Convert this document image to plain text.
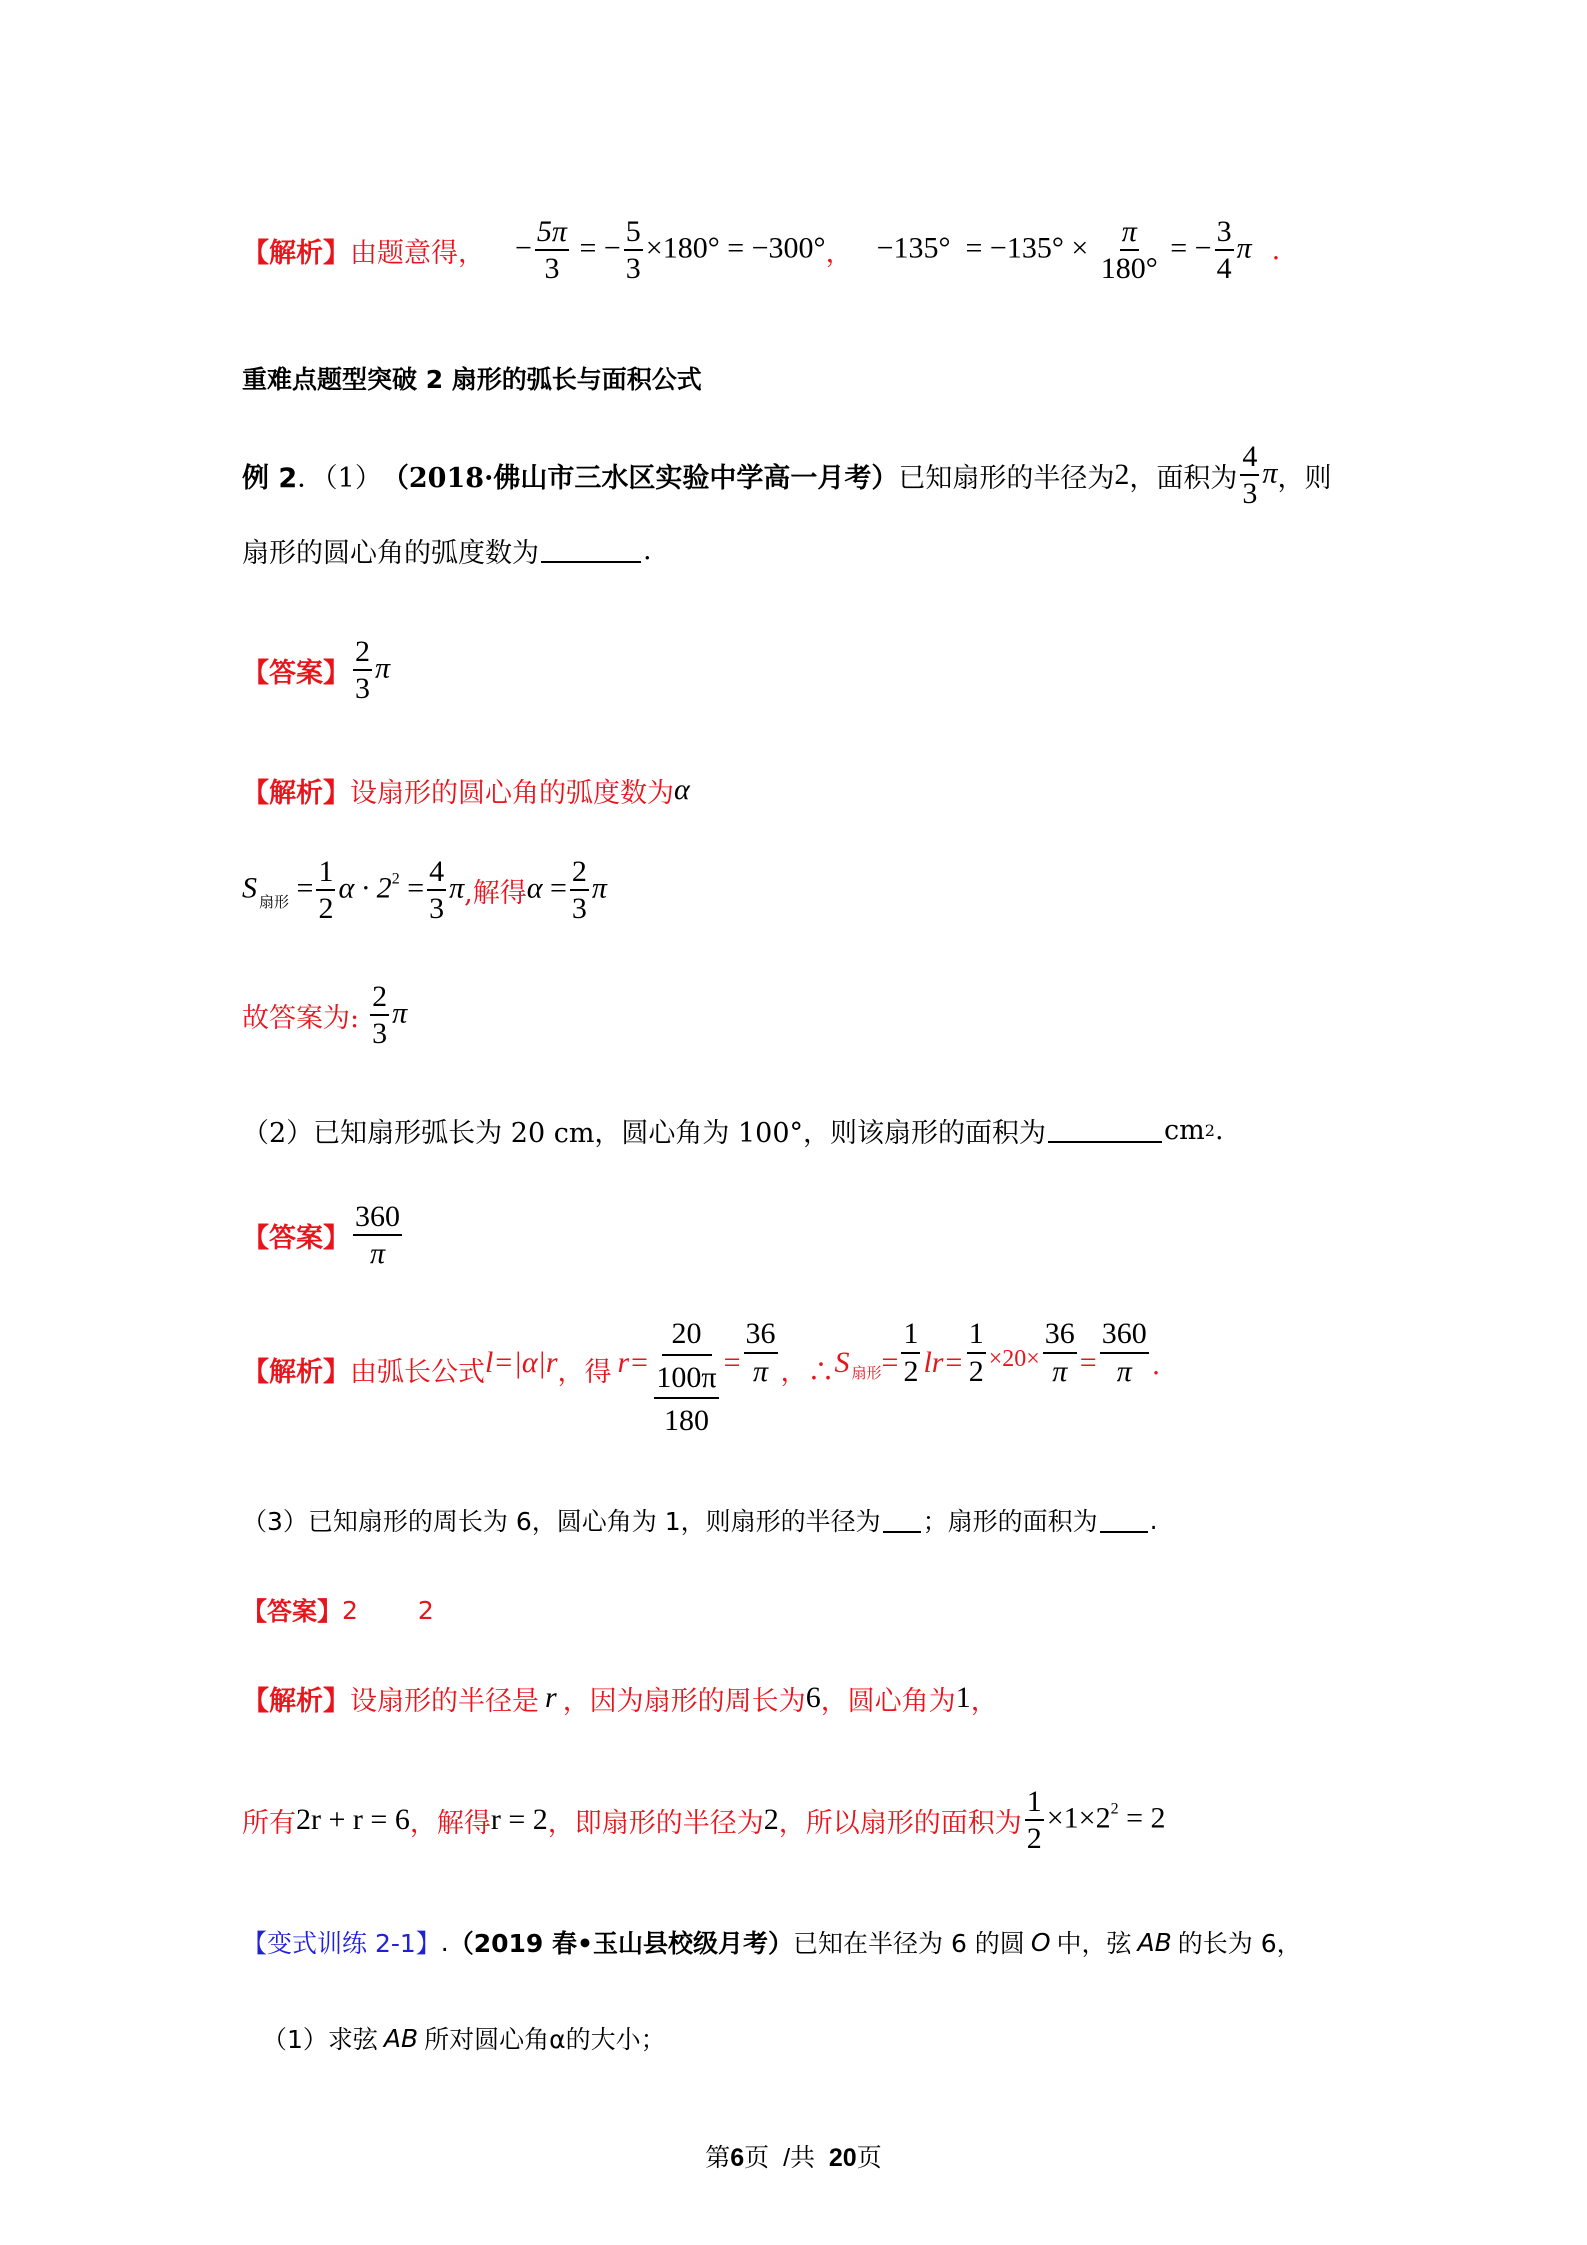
【解析】 由题意得， − $\frac{5\pi}{3}$ = − $\frac{5}{3} \times 180^\circ = -300^\circ$ ， $-135^\circ = -135^\circ \times \frac{\pi}{180^\circ}$ = − $\frac{3}{4}$ π .
重难点题型突破 2 扇形的弧长与面积公式
例 2 ．（1） （2018·佛山市三水区实验中学高一月考） 已知扇形的半径为 2 ，面积为 $\frac{4}{3}$ π ，则
扇形的圆心角的弧度数为	.
【答案】 $\frac{2}{3}$ π
【解析】 设扇形的圆心角的弧度数为 α
S $_{扇形} = \frac{1}{2}$ $\alpha \cdot 2^2 = \frac{4}{3}$ π ,解得 $\alpha = \frac{2}{3}$ π
故答案为: $\frac{2}{3}$ π
（2）已知扇形弧长为 20 cm，圆心角为 100°，则该扇形的面积为	cm 2 .
【答案】 $\frac{360}{\pi}$
【解析】 由弧长公式 l=|α|r ，得 r= 20
100π
$180 = \frac{36}{\pi}$ ，∴ S 扇形 = $\frac{1}{2} lr= \frac{1}{2} \times 20\times \frac{36}{\pi} = \frac{360}{\pi}$ .
（3）已知扇形的周长为 6，圆心角为 1，则扇形的半径为 ；扇形的面积为 .
【答案】 2 2
【解析】 设扇形的半径是 r ，因为扇形的周长为 6 ，圆心角为 1 ，
所有 2r + r = 6 ，解得 r = 2 ，即扇形的半径为 2 ，所以扇形的面积为 $\frac{1}{2} \times 1\times 2^2 = 2$
【变式训练 2-1】 . （2019 春•玉山县校级月考） 已知在半径为 6 的圆 O 中，弦 AB 的长为 6，
（1）求弦 AB 所对圆心角α的大小；
第6页  /共  20页
